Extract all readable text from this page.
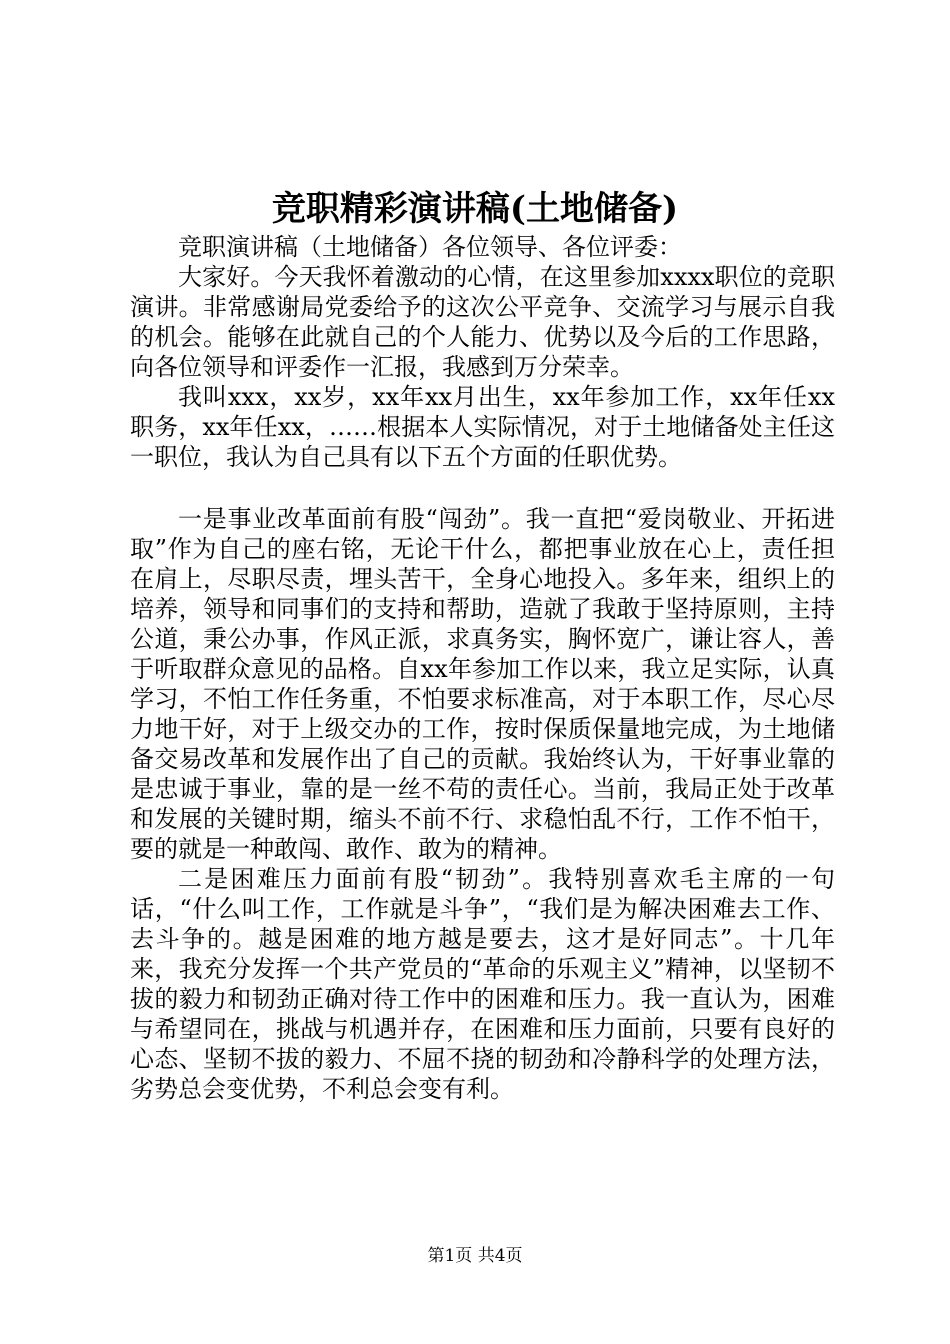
竞职精彩演讲稿(土地储备)

竞职演讲稿（土地储备）各位领导、各位评委：

大家好。今天我怀着激动的心情，在这里参加xxxx职位的竞职演讲。非常感谢局党委给予的这次公平竞争、交流学习与展示自我的机会。能够在此就自己的个人能力、优势以及今后的工作思路，向各位领导和评委作一汇报，我感到万分荣幸。

我叫xxx，xx岁，xx年xx月出生，xx年参加工作，xx年任xx职务，xx年任xx，……根据本人实际情况，对于土地储备处主任这一职位，我认为自己具有以下五个方面的任职优势。

一是事业改革面前有股“闯劲”。我一直把“爱岗敬业、开拓进取”作为自己的座右铭，无论干什么，都把事业放在心上，责任担在肩上，尽职尽责，埋头苦干，全身心地投入。多年来，组织上的培养，领导和同事们的支持和帮助，造就了我敢于坚持原则，主持公道，秉公办事，作风正派，求真务实，胸怀宽广，谦让容人，善于听取群众意见的品格。自xx年参加工作以来，我立足实际，认真学习，不怕工作任务重，不怕要求标准高，对于本职工作，尽心尽力地干好，对于上级交办的工作，按时保质保量地完成，为土地储备交易改革和发展作出了自己的贡献。我始终认为，干好事业靠的是忠诚于事业，靠的是一丝不苟的责任心。当前，我局正处于改革和发展的关键时期，缩头不前不行、求稳怕乱不行，工作不怕干，要的就是一种敢闯、敢作、敢为的精神。

二是困难压力面前有股“韧劲”。我特别喜欢毛主席的一句话，“什么叫工作，工作就是斗争”，“我们是为解决困难去工作、去斗争的。越是困难的地方越是要去，这才是好同志”。十几年来，我充分发挥一个共产党员的“革命的乐观主义”精神，以坚韧不拔的毅力和韧劲正确对待工作中的困难和压力。我一直认为，困难与希望同在，挑战与机遇并存，在困难和压力面前，只要有良好的心态、坚韧不拔的毅力、不屈不挠的韧劲和冷静科学的处理方法，劣势总会变优势，不利总会变有利。

第1页 共4页
